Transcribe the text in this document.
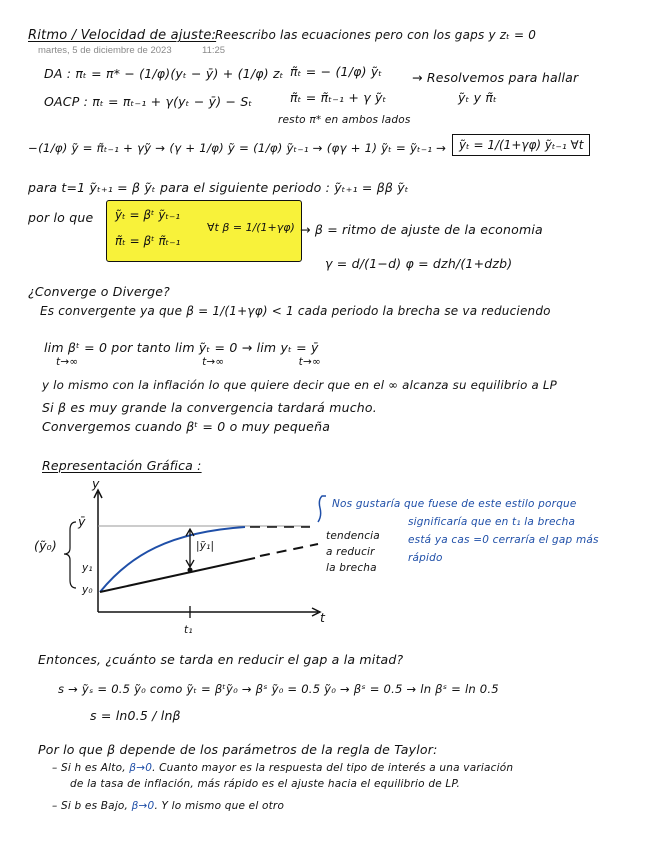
Ritmo / Velocidad de ajuste:
Reescribo las ecuaciones pero con los gaps y zₜ = 0
martes, 5 de diciembre de 2023	11:25
DA : πₜ = π* − (1/φ)(yₜ − ȳ) + (1/φ) zₜ
OACP : πₜ = πₜ₋₁ + γ(yₜ − ȳ) − Sₜ
π̃ₜ = − (1/φ) ỹₜ
π̃ₜ = π̃ₜ₋₁ + γ ỹₜ
→ Resolvemos para hallar
ỹₜ y π̃ₜ
resto π* en ambos lados
−(1/φ) ỹ = π̃ₜ₋₁ + γỹ → (γ + 1/φ) ỹ = (1/φ) ỹₜ₋₁ → (φγ + 1) ỹₜ = ỹₜ₋₁ →	ỹₜ = 1/(1+γφ) ỹₜ₋₁ ∀t
para t=1 ỹₜ₊₁ = β ỹₜ para el siguiente periodo : ỹₜ₊₁ = ββ ỹₜ
por lo que ỹₜ = βᵗ ỹₜ₋₁
π̃ₜ = βᵗ π̃ₜ₋₁
∀t β = 1/(1+γφ) → β = ritmo de ajuste de la economia
γ = d/(1−d) φ = dzh/(1+dzb)
¿Converge o Diverge?
Es convergente ya que β = 1/(1+γφ) < 1 cada periodo la brecha se va reduciendo
lim βᵗ = 0 por tanto lim ỹₜ = 0 → lim yₜ = ȳ
t→∞                                   t→∞                     t→∞
y lo mismo con la inflación lo que quiere decir que en el ∞ alcanza su equilibrio a LP
Si β es muy grande la convergencia tardará mucho.
Convergemos cuando βᵗ = 0 o muy pequeña
Representación Gráfica :
y
t
ȳ
y₁
y₀
t₁
(ỹ₀)	|ỹ₁|
tendencia
a reducir
la brecha
Nos gustaría que fuese de este estilo porque
significaría que en t₁ la brecha
está ya cas =0 cerraría el gap más
rápido
Entonces, ¿cuánto se tarda en reducir el gap a la mitad?
s → ỹₛ = 0.5 ỹ₀ como ỹₜ = βᵗỹ₀ → βˢ ỹ₀ = 0.5 ỹ₀ → βˢ = 0.5 → ln βˢ = ln 0.5
s = ln0.5 / lnβ
Por lo que β depende de los parámetros de la regla de Taylor:
– Si h es Alto, β→0. Cuanto mayor es la respuesta del tipo de interés a una variación
de la tasa de inflación, más rápido es el ajuste hacia el equilibrio de LP.
– Si b es Bajo, β→0. Y lo mismo que el otro
